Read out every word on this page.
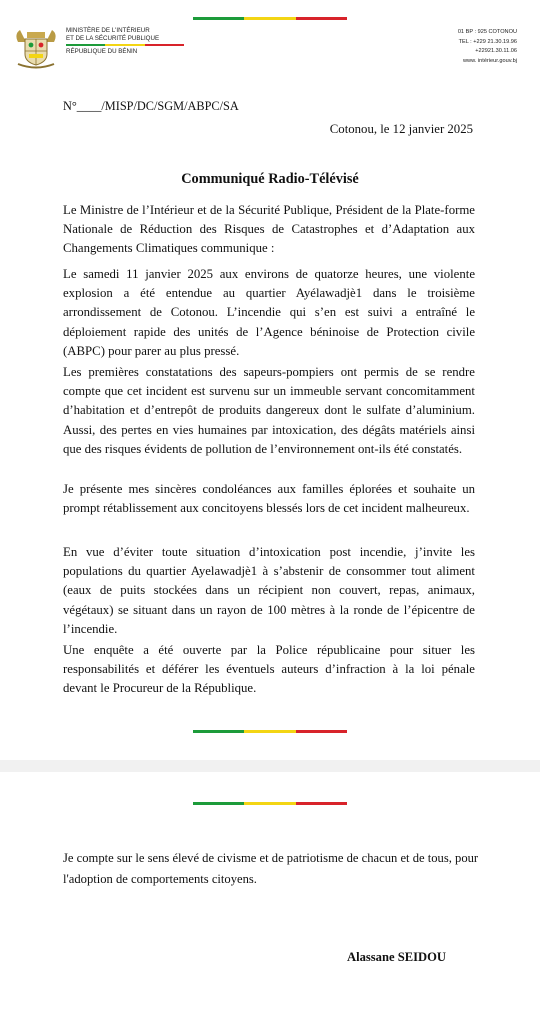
MINISTÈRE DE L'INTÉRIEUR
ET DE LA SÉCURITÉ PUBLIQUE
RÉPUBLIQUE DU BÉNIN
01 BP : 925 COTONOU
TEL : +229 21.30.19.96
+22921.30.11.06
www. intérieur.gouv.bj
N°____/MISP/DC/SGM/ABPC/SA
Cotonou, le 12 janvier 2025
Communiqué Radio-Télévisé

Le Ministre de l’Intérieur et de la Sécurité Publique, Président de la Plate-forme Nationale de Réduction des Risques de Catastrophes et d’Adaptation aux Changements Climatiques communique :

Le samedi 11 janvier 2025 aux environs de quatorze heures, une violente explosion a été entendue au quartier Ayélawadjè1 dans le troisième arrondissement de Cotonou. L’incendie qui s’en est suivi a entraîné le déploiement rapide des unités de l’Agence béninoise de Protection civile (ABPC) pour parer au plus pressé.

Les premières constatations des sapeurs-pompiers ont permis de se rendre compte que cet incident est survenu sur un immeuble servant concomitamment d’habitation et d’entrepôt de produits dangereux dont le sulfate d’aluminium. Aussi, des pertes en vies humaines par intoxication, des dégâts matériels ainsi que des risques évidents de pollution de l’environnement ont-ils été constatés.

Je présente mes sincères condoléances aux familles éplorées et souhaite un prompt rétablissement aux concitoyens blessés lors de cet incident malheureux.

En vue d’éviter toute situation d’intoxication post incendie, j’invite les populations du quartier Ayelawadjè1 à s’abstenir de consommer tout aliment (eaux de puits stockées dans un récipient non couvert, repas, animaux, végétaux) se situant dans un rayon de 100 mètres à la ronde de l’épicentre de l’incendie.

Une enquête a été ouverte par la Police républicaine pour situer les responsabilités et déférer les éventuels auteurs d’infraction à la loi pénale devant le Procureur de la République.

Je compte sur le sens élevé de civisme et de patriotisme de chacun et de tous, pour l'adoption de comportements citoyens.

Alassane SEIDOU
